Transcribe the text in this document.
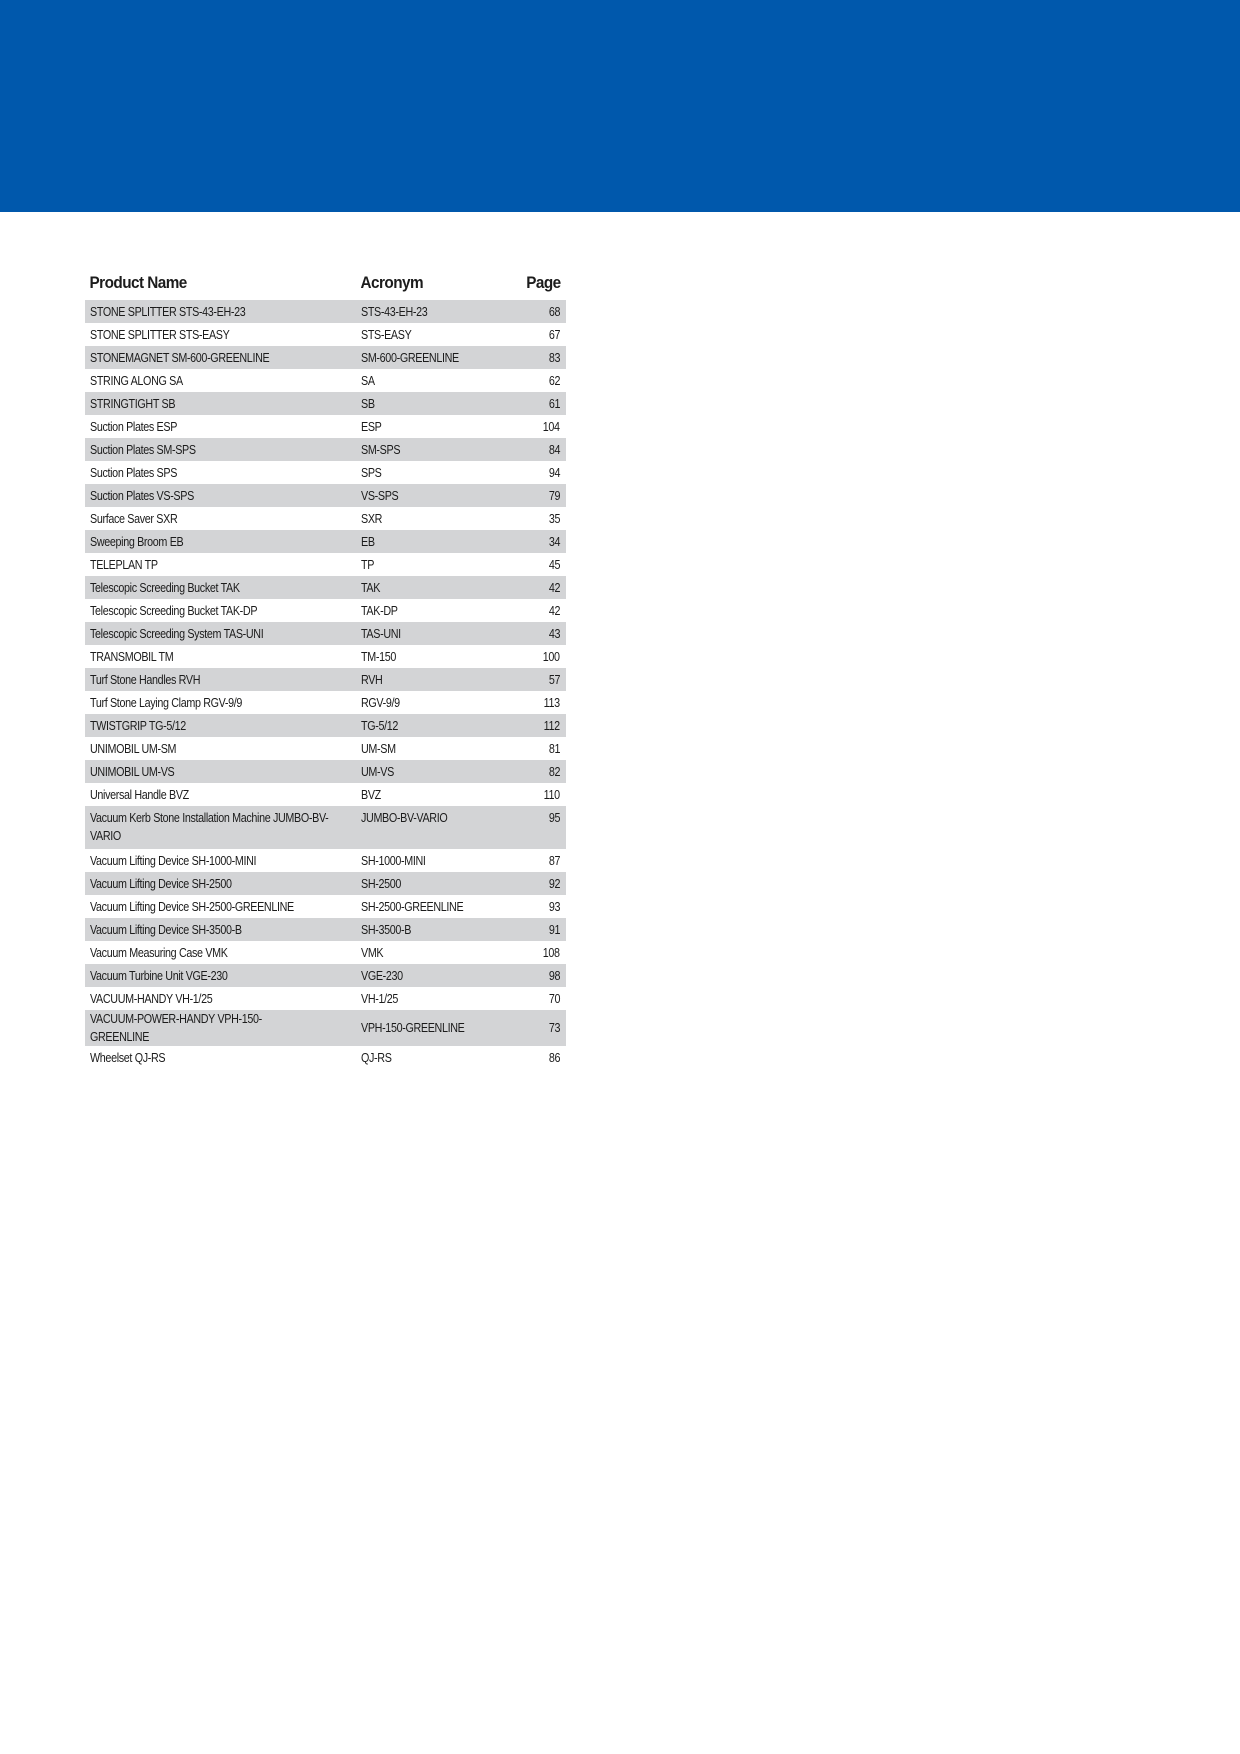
Product Name	Acronym	Page
STONE SPLITTER STS-43-EH-23	STS-43-EH-23	68
STONE SPLITTER STS-EASY	STS-EASY	67
STONEMAGNET SM-600-GREENLINE	SM-600-GREENLINE	83
STRING ALONG SA	SA	62
STRINGTIGHT SB	SB	61
Suction Plates ESP	ESP	104
Suction Plates SM-SPS	SM-SPS	84
Suction Plates SPS	SPS	94
Suction Plates VS-SPS	VS-SPS	79
Surface Saver SXR	SXR	35
Sweeping Broom EB	EB	34
TELEPLAN TP	TP	45
Telescopic Screeding Bucket TAK	TAK	42
Telescopic Screeding Bucket TAK-DP	TAK-DP	42
Telescopic Screeding System TAS-UNI	TAS-UNI	43
TRANSMOBIL TM	TM-150	100
Turf Stone Handles RVH	RVH	57
Turf Stone Laying Clamp RGV-9/9	RGV-9/9	113
TWISTGRIP TG-5/12	TG-5/12	112
UNIMOBIL UM-SM	UM-SM	81
UNIMOBIL UM-VS	UM-VS	82
Universal Handle BVZ	BVZ	110
Vacuum Kerb Stone Installation Machine JUMBO-BV-VARIO	JUMBO-BV-VARIO	95
Vacuum Lifting Device SH-1000-MINI	SH-1000-MINI	87
Vacuum Lifting Device SH-2500	SH-2500	92
Vacuum Lifting Device SH-2500-GREENLINE	SH-2500-GREENLINE	93
Vacuum Lifting Device SH-3500-B	SH-3500-B	91
Vacuum Measuring Case VMK	VMK	108
Vacuum Turbine Unit VGE-230	VGE-230	98
VACUUM-HANDY VH-1/25	VH-1/25	70
VACUUM-POWER-HANDY VPH-150-GREENLINE	VPH-150-GREENLINE	73
Wheelset QJ-RS	QJ-RS	86
